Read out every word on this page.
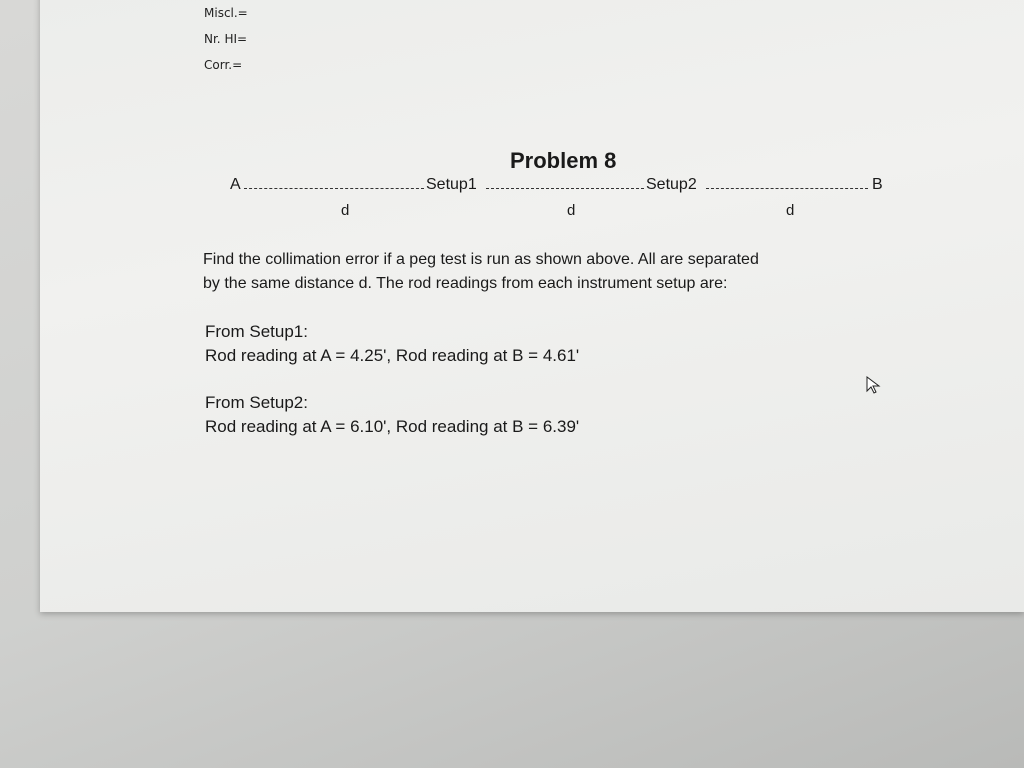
Miscl.=
Nr. HI=
Corr.=
Problem 8
A	Setup1	Setup2	B
d	d	d
Find the collimation error if a peg test is run as shown above. All are separated
by the same distance d. The rod readings from each instrument setup are:
From Setup1:
Rod reading at A = 4.25', Rod reading at B = 4.61'
From Setup2:
Rod reading at A = 6.10', Rod reading at B = 6.39'
